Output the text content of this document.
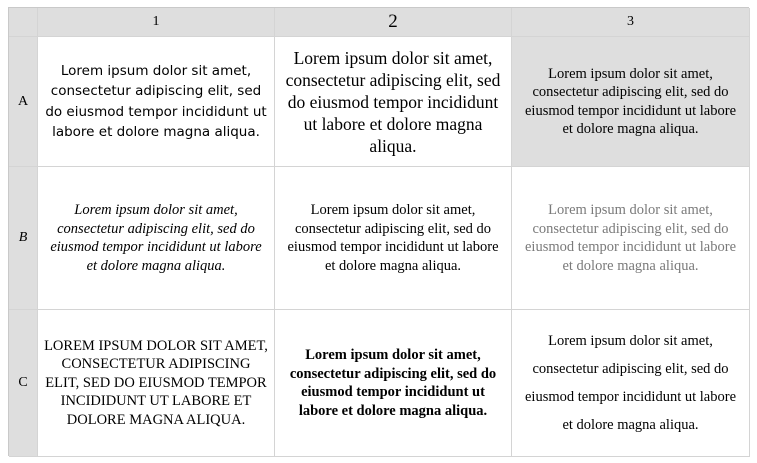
1	2	3
A
Lorem ipsum dolor sit amet, consectetur adipiscing elit, sed do eiusmod tempor incididunt ut labore et dolore magna aliqua.
Lorem ipsum dolor sit amet, consectetur adipiscing elit, sed do eiusmod tempor incididunt ut labore et dolore magna aliqua.
Lorem ipsum dolor sit amet, consectetur adipiscing elit, sed do eiusmod tempor incididunt ut labore et dolore magna aliqua.
B
Lorem ipsum dolor sit amet, consectetur adipiscing elit, sed do eiusmod tempor incididunt ut labore et dolore magna aliqua.
Lorem ipsum dolor sit amet, consectetur adipiscing elit, sed do eiusmod tempor incididunt ut labore et dolore magna aliqua.
Lorem ipsum dolor sit amet, consectetur adipiscing elit, sed do eiusmod tempor incididunt ut labore et dolore magna aliqua.
C
LOREM IPSUM DOLOR SIT AMET, CONSECTETUR ADIPISCING ELIT, SED DO EIUSMOD TEMPOR INCIDIDUNT UT LABORE ET DOLORE MAGNA ALIQUA.
Lorem ipsum dolor sit amet, consectetur adipiscing elit, sed do eiusmod tempor incididunt ut labore et dolore magna aliqua.
Lorem ipsum dolor sit amet, consectetur adipiscing elit, sed do eiusmod tempor incididunt ut labore et dolore magna aliqua.
